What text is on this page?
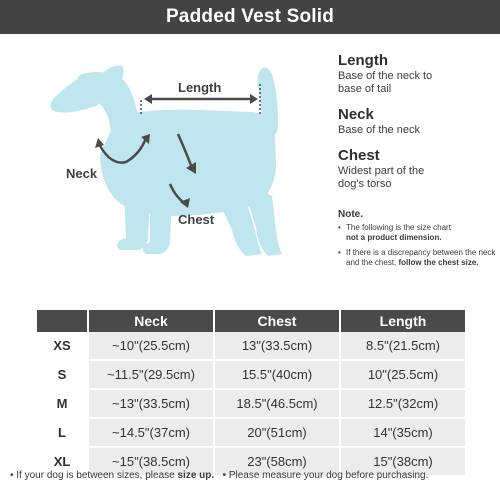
Padded Vest Solid
Length
Neck
Chest
Length
Base of the neck to
base of tail
Neck
Base of the neck
Chest
Widest part of the
dog's torso
Note.
• The following is the size chart
not a product dimension.
• If there is a discrepancy between the neck and the chest, follow the chest size.
	Neck	Chest	Length
XS	~10"(25.5cm)	13"(33.5cm)	8.5"(21.5cm)
S	~11.5"(29.5cm)	15.5"(40cm)	10"(25.5cm)
M	~13"(33.5cm)	18.5"(46.5cm)	12.5"(32cm)
L	~14.5"(37cm)	20"(51cm)	14"(35cm)
XL	~15"(38.5cm)	23"(58cm)	15"(38cm)
• If your dog is between sizes, please size up. • Please measure your dog before purchasing.
